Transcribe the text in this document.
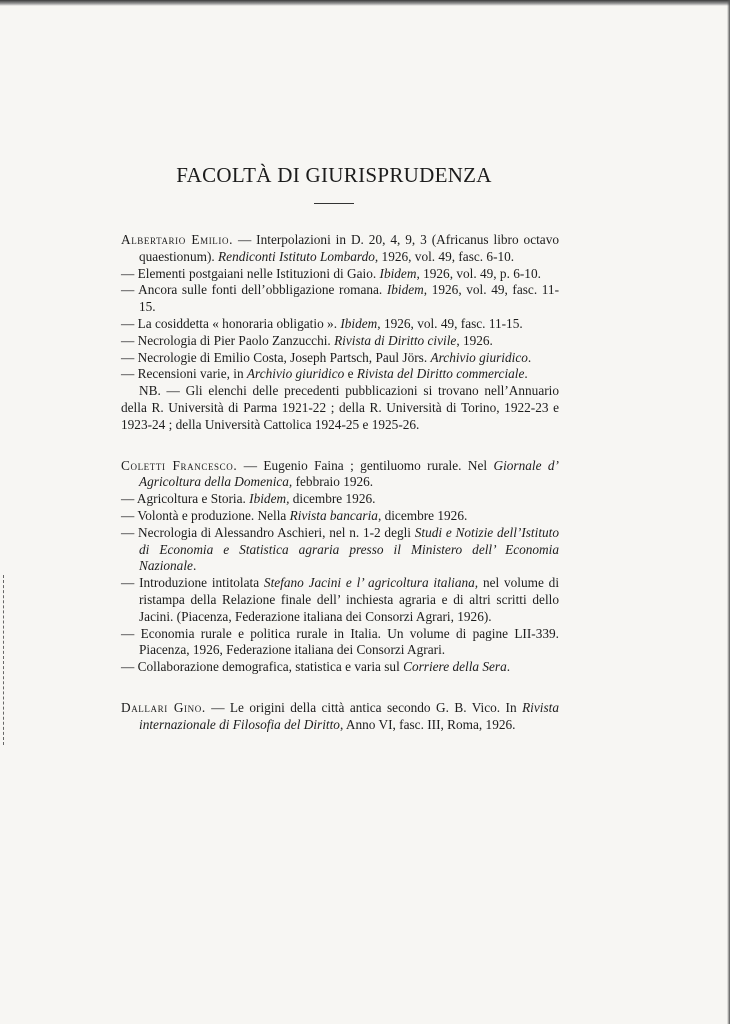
FACOLTÀ DI GIURISPRUDENZA

Albertario Emilio. — Interpolazioni in D. 20, 4, 9, 3 (Africanus libro octavo quaestionum). Rendiconti Istituto Lombardo, 1926, vol. 49, fasc. 6-10.

— Elementi postgaiani nelle Istituzioni di Gaio. Ibidem, 1926, vol. 49, p. 6-10.

— Ancora sulle fonti dell’obbligazione romana. Ibidem, 1926, vol. 49, fasc. 11-15.

— La cosiddetta « honoraria obligatio ». Ibidem, 1926, vol. 49, fasc. 11-15.

— Necrologia di Pier Paolo Zanzucchi. Rivista di Diritto civile, 1926.

— Necrologie di Emilio Costa, Joseph Partsch, Paul Jörs. Archivio giuridico.

— Recensioni varie, in Archivio giuridico e Rivista del Diritto commerciale.

NB. — Gli elenchi delle precedenti pubblicazioni si trovano nell’Annuario della R. Università di Parma 1921-22 ; della R. Università di Torino, 1922-23 e 1923-24 ; della Università Cattolica 1924-25 e 1925-26.

Coletti Francesco. — Eugenio Faina ; gentiluomo rurale. Nel Giornale d’ Agricoltura della Domenica, febbraio 1926.

— Agricoltura e Storia. Ibidem, dicembre 1926.

— Volontà e produzione. Nella Rivista bancaria, dicembre 1926.

— Necrologia di Alessandro Aschieri, nel n. 1-2 degli Studi e Notizie dell’Istituto di Economia e Statistica agraria presso il Ministero dell’ Economia Nazionale.

— Introduzione intitolata Stefano Jacini e l’ agricoltura italiana, nel volume di ristampa della Relazione finale dell’ inchiesta agraria e di altri scritti dello Jacini. (Piacenza, Federazione italiana dei Consorzi Agrari, 1926).

— Economia rurale e politica rurale in Italia. Un volume di pagine LII-339. Piacenza, 1926, Federazione italiana dei Consorzi Agrari.

— Collaborazione demografica, statistica e varia sul Corriere della Sera.

Dallari Gino. — Le origini della città antica secondo G. B. Vico. In Rivista internazionale di Filosofia del Diritto, Anno VI, fasc. III, Roma, 1926.
